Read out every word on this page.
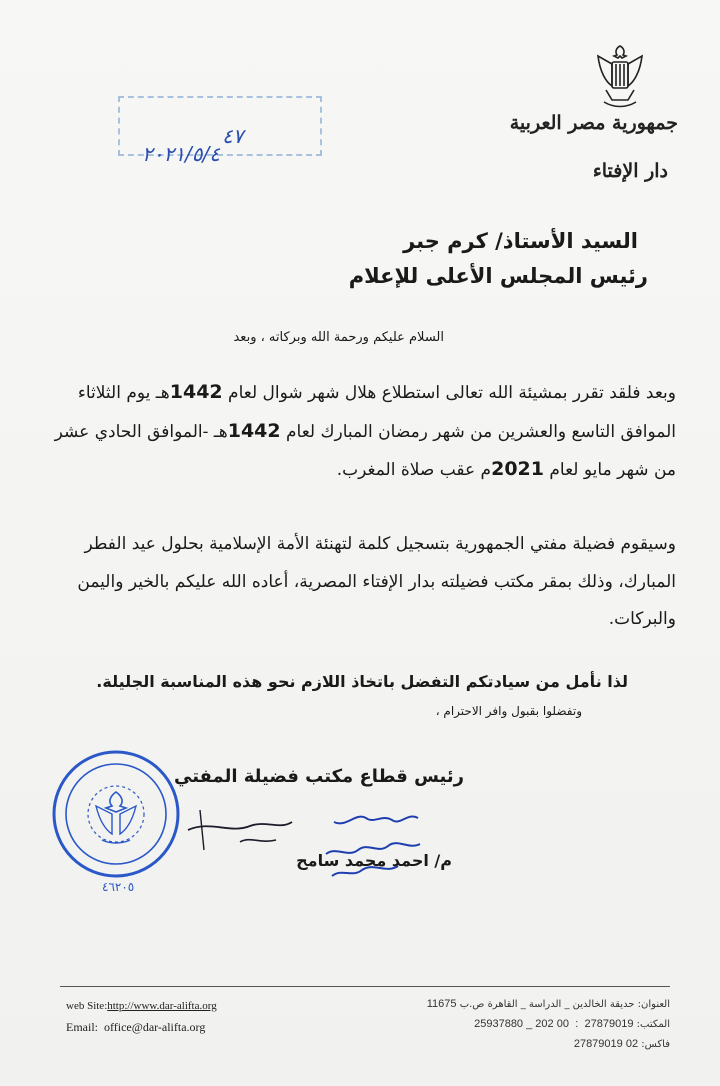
جمهورية مصر العربية
دار الإفتاء
٤٧
٢٠٢١/٥/٤
السيد الأستاذ/ كرم جبر
رئيس المجلس الأعلى للإعلام
السلام عليكم ورحمة الله وبركاته ، وبعد
وبعد فلقد تقرر بمشيئة الله تعالى استطلاع هلال شهر شوال لعام 1442هـ يوم الثلاثاء الموافق التاسع والعشرين من شهر رمضان المبارك لعام 1442هـ -الموافق الحادي عشر من شهر مايو لعام 2021م عقب صلاة المغرب.
وسيقوم فضيلة مفتي الجمهورية بتسجيل كلمة لتهنئة الأمة الإسلامية بحلول عيد الفطر المبارك، وذلك بمقر مكتب فضيلته بدار الإفتاء المصرية، أعاده الله عليكم بالخير واليمن والبركات.
لذا نأمل من سيادتكم التفضل باتخاذ اللازم نحو هذه المناسبة الجليلة.
وتفضلوا بقبول وافر الاحترام ،
رئيس قطاع مكتب فضيلة المفتي
م/ احمد محمد سامح
٤٦٢٠٥
web Site:http://www.dar-alifta.org
Email: office@dar-alifta.org
العنوان: حديقة الخالدين _ الدراسة _ القاهرة ص.ب 11675
المكتب: 27879019  :  00 202 _ 25937880
فاكس: 02 27879019
